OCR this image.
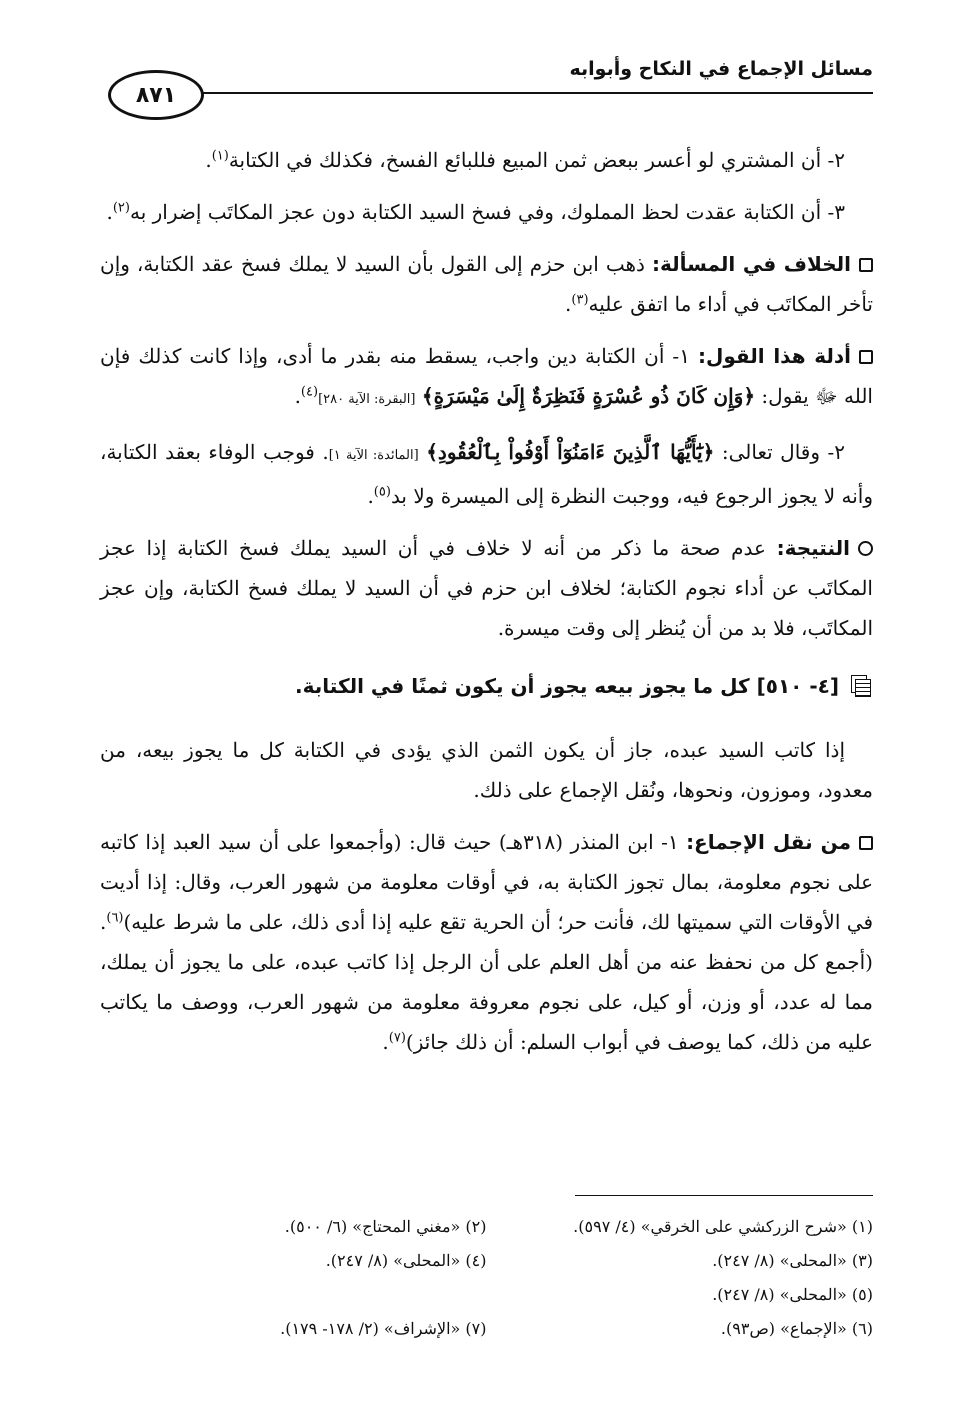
مسائل الإجماع في النكاح وأبوابه
٨٧١

٢- أن المشتري لو أعسر ببعض ثمن المبيع فللبائع الفسخ، فكذلك في الكتابة$^{(١)}$.

٣- أن الكتابة عقدت لحظ المملوك، وفي فسخ السيد الكتابة دون عجز المكاتَب إضرار به$^{(٢)}$.

الخلاف في المسألة: ذهب ابن حزم إلى القول بأن السيد لا يملك فسخ عقد الكتابة، وإن تأخر المكاتَب في أداء ما اتفق عليه$^{(٣)}$.

أدلة هذا القول: ١- أن الكتابة دين واجب، يسقط منه بقدر ما أدى، وإذا كانت كذلك فإن الله ﷻ يقول: ﴿وَإِن كَانَ ذُو عُسْرَةٍ فَنَظِرَةٌ إِلَىٰ مَيْسَرَةٍ﴾ [البقرة: الآية ٢٨٠]$^{(٤)}$.

٢- وقال تعالى: ﴿يَٰٓأَيُّهَا ٱلَّذِينَ ءَامَنُوٓاْ أَوْفُواْ بِٱلْعُقُودِ﴾ [المائدة: الآية ١]. فوجب الوفاء بعقد الكتابة، وأنه لا يجوز الرجوع فيه، ووجبت النظرة إلى الميسرة ولا بد$^{(٥)}$.

النتيجة: عدم صحة ما ذكر من أنه لا خلاف في أن السيد يملك فسخ الكتابة إذا عجز المكاتَب عن أداء نجوم الكتابة؛ لخلاف ابن حزم في أن السيد لا يملك فسخ الكتابة، وإن عجز المكاتَب، فلا بد من أن يُنظر إلى وقت ميسرة.

[٤- ٥١٠] كل ما يجوز بيعه يجوز أن يكون ثمنًا في الكتابة.

إذا كاتب السيد عبده، جاز أن يكون الثمن الذي يؤدى في الكتابة كل ما يجوز بيعه، من معدود، وموزون، ونحوها، ونُقل الإجماع على ذلك.

من نقل الإجماع: ١- ابن المنذر (٣١٨هـ) حيث قال: (وأجمعوا على أن سيد العبد إذا كاتبه على نجوم معلومة، بمال تجوز الكتابة به، في أوقات معلومة من شهور العرب، وقال: إذا أديت في الأوقات التي سميتها لك، فأنت حر؛ أن الحرية تقع عليه إذا أدى ذلك، على ما شرط عليه)$^{(٦)}$. (أجمع كل من نحفظ عنه من أهل العلم على أن الرجل إذا كاتب عبده، على ما يجوز أن يملك، مما له عدد، أو وزن، أو كيل، على نجوم معروفة معلومة من شهور العرب، ووصف ما يكاتب عليه من ذلك، كما يوصف في أبواب السلم: أن ذلك جائز)$^{(٧)}$.

(١) «شرح الزركشي على الخرقي» (٤/ ٥٩٧).
(٢) «مغني المحتاج» (٦/ ٥٠٠).
(٣) «المحلى» (٨/ ٢٤٧).
(٤) «المحلى» (٨/ ٢٤٧).
(٥) «المحلى» (٨/ ٢٤٧).
(٦) «الإجماع» (ص٩٣).
(٧) «الإشراف» (٢/ ١٧٨- ١٧٩).
